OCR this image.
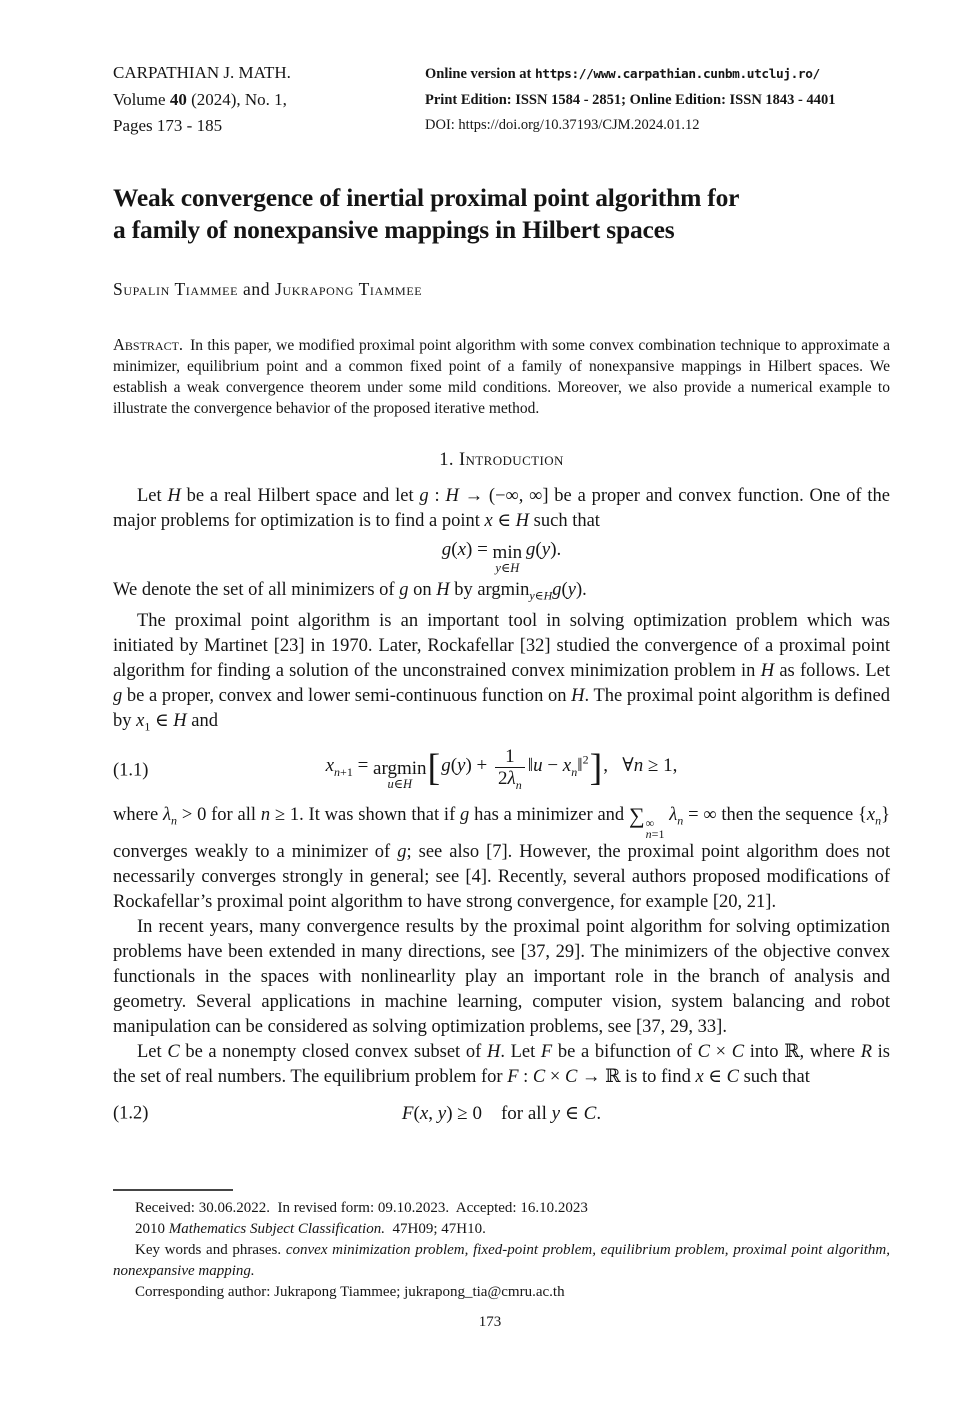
CARPATHIAN J. MATH.
Volume 40 (2024), No. 1,
Pages 173 - 185
Online version at https://www.carpathian.cunbm.utcluj.ro/
Print Edition: ISSN 1584 - 2851; Online Edition: ISSN 1843 - 4401
DOI: https://doi.org/10.37193/CJM.2024.01.12
Weak convergence of inertial proximal point algorithm for
a family of nonexpansive mappings in Hilbert spaces
Supalin Tiammee and Jukrapong Tiammee
Abstract. In this paper, we modified proximal point algorithm with some convex combination technique to approximate a minimizer, equilibrium point and a common fixed point of a family of nonexpansive mappings in Hilbert spaces. We establish a weak convergence theorem under some mild conditions. Moreover, we also provide a numerical example to illustrate the convergence behavior of the proposed iterative method.
1. Introduction

Let H be a real Hilbert space and let g : H → (−∞, ∞] be a proper and convex function. One of the major problems for optimization is to find a point x ∈ H such that

g(x) = min
y∈H
 g(y).

We denote the set of all minimizers of g on H by argmin$_{y\in H}$g(y).

The proximal point algorithm is an important tool in solving optimization problem which was initiated by Martinet [23] in 1970. Later, Rockafellar [32] studied the convergence of a proximal point algorithm for finding a solution of the unconstrained convex minimization problem in H as follows. Let g be a proper, convex and lower semi-continuous function on H. The proximal point algorithm is defined by $x_1$ ∈ H and

(1.1)	$x_{n+1} = argmin$
u∈H [$g(y) + \frac{1}{2\lambda_n}$ ‖u − $x_n‖^2$],   ∀n ≥ 1,

where $\lambda_n > 0$ for all n ≥ 1. It was shown that if g has a minimizer and ∑ ∞
n=1
$\lambda_n$ = ∞ then the sequence $\{x_n\}$ converges weakly to a minimizer of g; see also [7]. However, the proximal point algorithm does not necessarily converges strongly in general; see [4]. Recently, several authors proposed modifications of Rockafellar’s proximal point algorithm to have strong convergence, for example [20, 21].

In recent years, many convergence results by the proximal point algorithm for solving optimization problems have been extended in many directions, see [37, 29]. The minimizers of the objective convex functionals in the spaces with nonlinearlity play an important role in the branch of analysis and geometry. Several applications in machine learning, computer vision, system balancing and robot manipulation can be considered as solving optimization problems, see [37, 29, 33].

Let C be a nonempty closed convex subset of H. Let F be a bifunction of C × C into ℝ, where R is the set of real numbers. The equilibrium problem for F : C × C → ℝ is to find x ∈ C such that

(1.2)	F(x, y) ≥ 0    for all y ∈ C.

Received: 30.06.2022.  In revised form: 09.10.2023.  Accepted: 16.10.2023

2010 Mathematics Subject Classification.  47H09; 47H10.

Key words and phrases. convex minimization problem, fixed-point problem, equilibrium problem, proximal point algorithm, nonexpansive mapping.

Corresponding author: Jukrapong Tiammee; jukrapong_tia@cmru.ac.th

173
